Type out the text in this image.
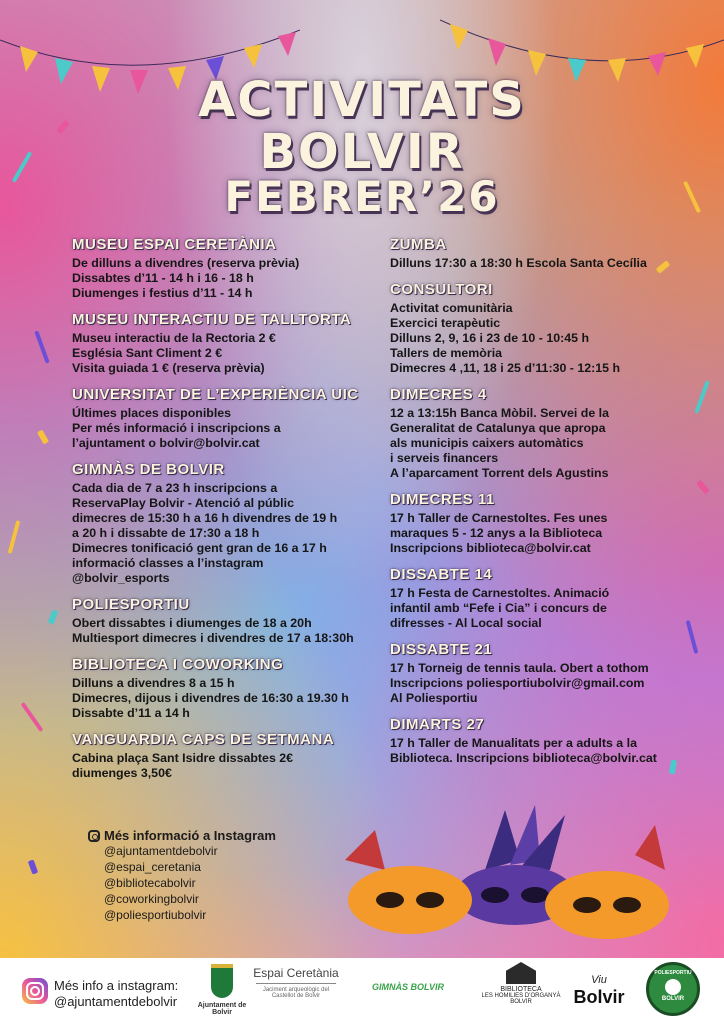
ACTIVITATS
BOLVIR
FEBRER’26
MUSEU ESPAI CERETÀNIA
De dilluns a divendres (reserva prèvia)
Dissabtes d’11 - 14 h i 16 - 18 h
Diumenges i festius d’11 - 14 h
MUSEU INTERACTIU DE TALLTORTA
Museu interactiu de la Rectoria 2 €
Església Sant Climent 2 €
Visita guiada 1 € (reserva prèvia)
UNIVERSITAT DE L’EXPERIÈNCIA UIC
Últimes places disponibles
Per més informació i inscripcions a
l’ajuntament o bolvir@bolvir.cat
GIMNÀS DE BOLVIR
Cada dia de 7 a 23 h inscripcions a
ReservaPlay Bolvir - Atenció al públic
dimecres de 15:30 h a 16 h divendres de 19 h
a 20 h i dissabte de 17:30 a 18 h
Dimecres tonificació gent gran de 16 a 17 h
informació classes a l’instagram
@bolvir_esports
POLIESPORTIU
Obert dissabtes i diumenges de 18 a 20h
Multiesport dimecres i divendres de 17 a 18:30h
BIBLIOTECA I COWORKING
Dilluns a divendres 8 a 15 h
Dimecres, dijous i divendres de 16:30 a 19.30 h
Dissabte d’11 a 14 h
VANGUARDIA CAPS DE SETMANA
Cabina plaça Sant Isidre dissabtes 2€
diumenges 3,50€
ZUMBA
Dilluns 17:30 a 18:30 h Escola Santa Cecília
CONSULTORI
Activitat comunitària
Exercici terapèutic
Dilluns 2, 9, 16 i 23 de 10 - 10:45 h
Tallers de memòria
Dimecres 4 ,11, 18 i 25 d’11:30 - 12:15 h
DIMECRES 4
12 a 13:15h Banca Mòbil. Servei de la
Generalitat de Catalunya que apropa
als municipis caixers automàtics
i serveis financers
A l’aparcament Torrent dels Agustins
DIMECRES 11
17 h Taller de Carnestoltes. Fes unes
maraques 5 - 12 anys a la Biblioteca
Inscripcions biblioteca@bolvir.cat
DISSABTE 14
17 h Festa de Carnestoltes. Animació
infantil amb “Fefe i Cia” i concurs de
difresses - Al Local social
DISSABTE 21
17 h Torneig de tennis taula. Obert a tothom
Inscripcions poliesportiubolvir@gmail.com
Al Poliesportiu
DIMARTS 27
17 h Taller de Manualitats per a adults a la
Biblioteca. Inscripcions biblioteca@bolvir.cat
Més informació a Instagram
@ajuntamentdebolvir
@espai_ceretania
@bibliotecabolvir
@coworkingbolvir
@poliesportiubolvir
Més info a instagram:
@ajuntamentdebolvir	Ajuntament de Bolvir
Espai Ceretània
Jaciment arqueològic del
Castellot de Bolvir
GIMNÀS BOLVIR	BIBLIOTECA
LES HOMILIES D’ORGANYÀ
BOLVIR
Viu
Bolvir
POLIESPORTIU
BOLVIR
